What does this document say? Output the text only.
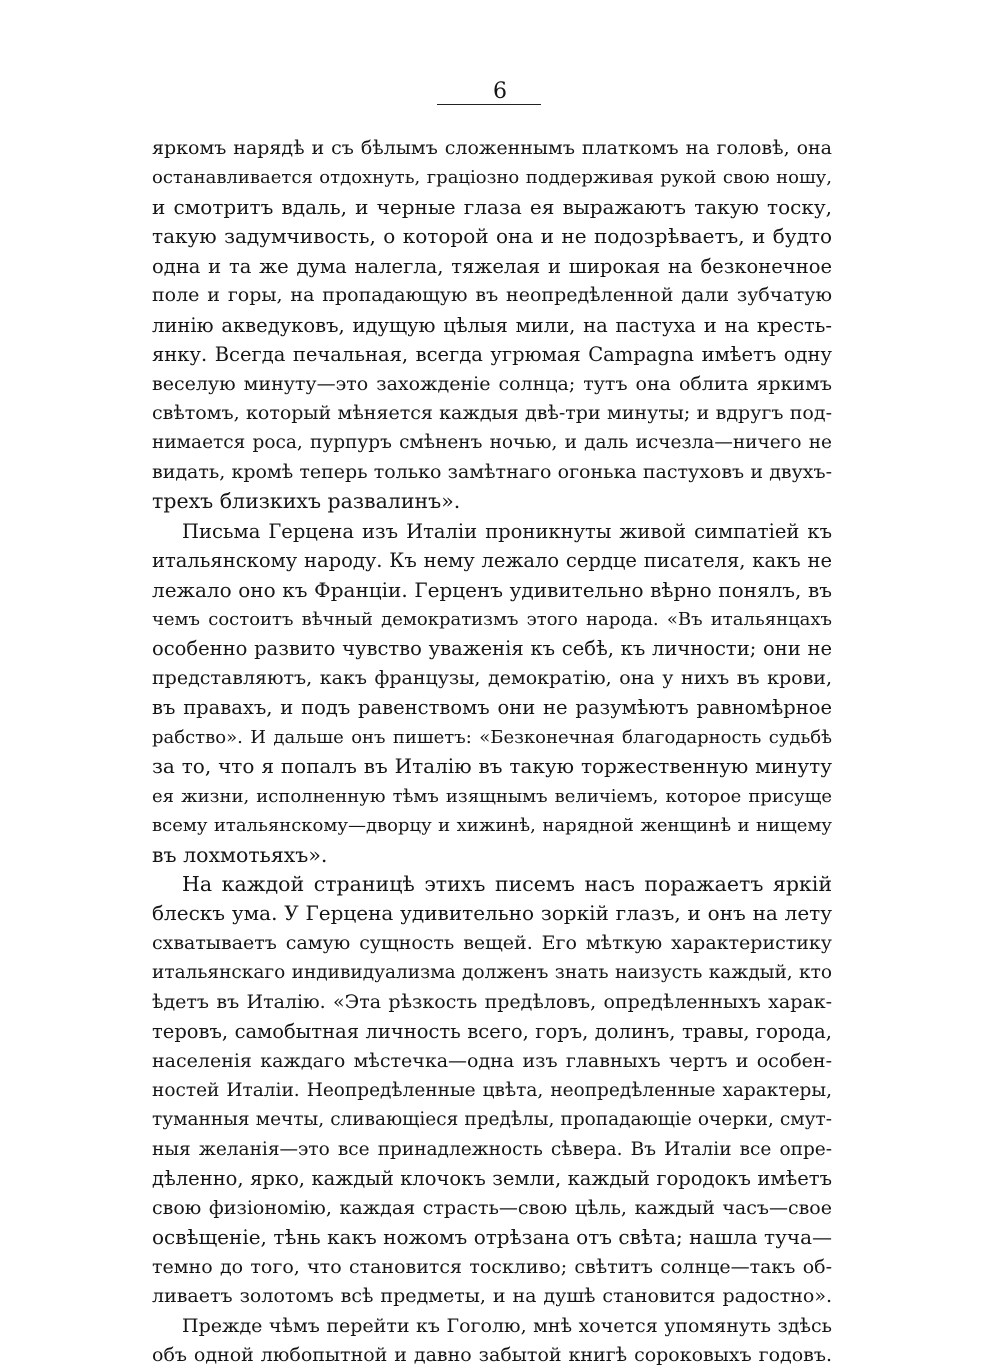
6
яркомъ нарядѣ и съ бѣлымъ сложеннымъ платкомъ на головѣ, она
останавливается отдохнуть, граціозно поддерживая рукой свою ношу,
и смотритъ вдаль, и черные глаза ея выражаютъ такую тоску,
такую задумчивость, о которой она и не подозрѣваетъ, и будто
одна и та же дума налегла, тяжелая и широкая на безконечное
поле и горы, на пропадающую въ неопредѣленной дали зубчатую
линію акведуковъ, идущую цѣлыя мили, на пастуха и на кресть-
янку. Всегда печальная, всегда угрюмая Campagna имѣетъ одну
веселую минуту—это захожденіе солнца; тутъ она облита яркимъ
свѣтомъ, который мѣняется каждыя двѣ-три минуты; и вдругъ под-
нимается роса, пурпуръ смѣненъ ночью, и даль исчезла—ничего не
видать, кромѣ теперь только замѣтнаго огонька пастуховъ и двухъ-
трехъ близкихъ развалинъ».
Письма Герцена изъ Италіи проникнуты живой симпатіей къ
итальянскому народу. Къ нему лежало сердце писателя, какъ не
лежало оно къ Франціи. Герценъ удивительно вѣрно понялъ, въ
чемъ состоитъ вѣчный демократизмъ этого народа. «Въ итальянцахъ
особенно развито чувство уваженія къ себѣ, къ личности; они не
представляютъ, какъ французы, демократію, она у нихъ въ крови,
въ правахъ, и подъ равенствомъ они не разумѣютъ равномѣрное
рабство». И дальше онъ пишетъ: «Безконечная благодарность судьбѣ
за то, что я попалъ въ Италію въ такую торжественную минуту
ея жизни, исполненную тѣмъ изящнымъ величіемъ, которое присуще
всему итальянскому—дворцу и хижинѣ, нарядной женщинѣ и нищему
въ лохмотьяхъ».
На каждой страницѣ этихъ писемъ насъ поражаетъ яркій
блескъ ума. У Герцена удивительно зоркій глазъ, и онъ на лету
схватываетъ самую сущность вещей. Его мѣткую характеристику
итальянскаго индивидуализма долженъ знать наизусть каждый, кто
ѣдетъ въ Италію. «Эта рѣзкость предѣловъ, опредѣленныхъ харак-
теровъ, самобытная личность всего, горъ, долинъ, травы, города,
населенія каждаго мѣстечка—одна изъ главныхъ чертъ и особен-
ностей Италіи. Неопредѣленные цвѣта, неопредѣленные характеры,
туманныя мечты, сливающіеся предѣлы, пропадающіе очерки, смут-
ныя желанія—это все принадлежность сѣвера. Въ Италіи все опре-
дѣленно, ярко, каждый клочокъ земли, каждый городокъ имѣетъ
свою физіономію, каждая страсть—свою цѣль, каждый часъ—свое
освѣщеніе, тѣнь какъ ножомъ отрѣзана отъ свѣта; нашла туча—
темно до того, что становится тоскливо; свѣтитъ солнце—такъ об-
ливаетъ золотомъ всѣ предметы, и на душѣ становится радостно».
Прежде чѣмъ перейти къ Гоголю, мнѣ хочется упомянуть здѣсь
объ одной любопытной и давно забытой книгѣ сороковыхъ годовъ.
